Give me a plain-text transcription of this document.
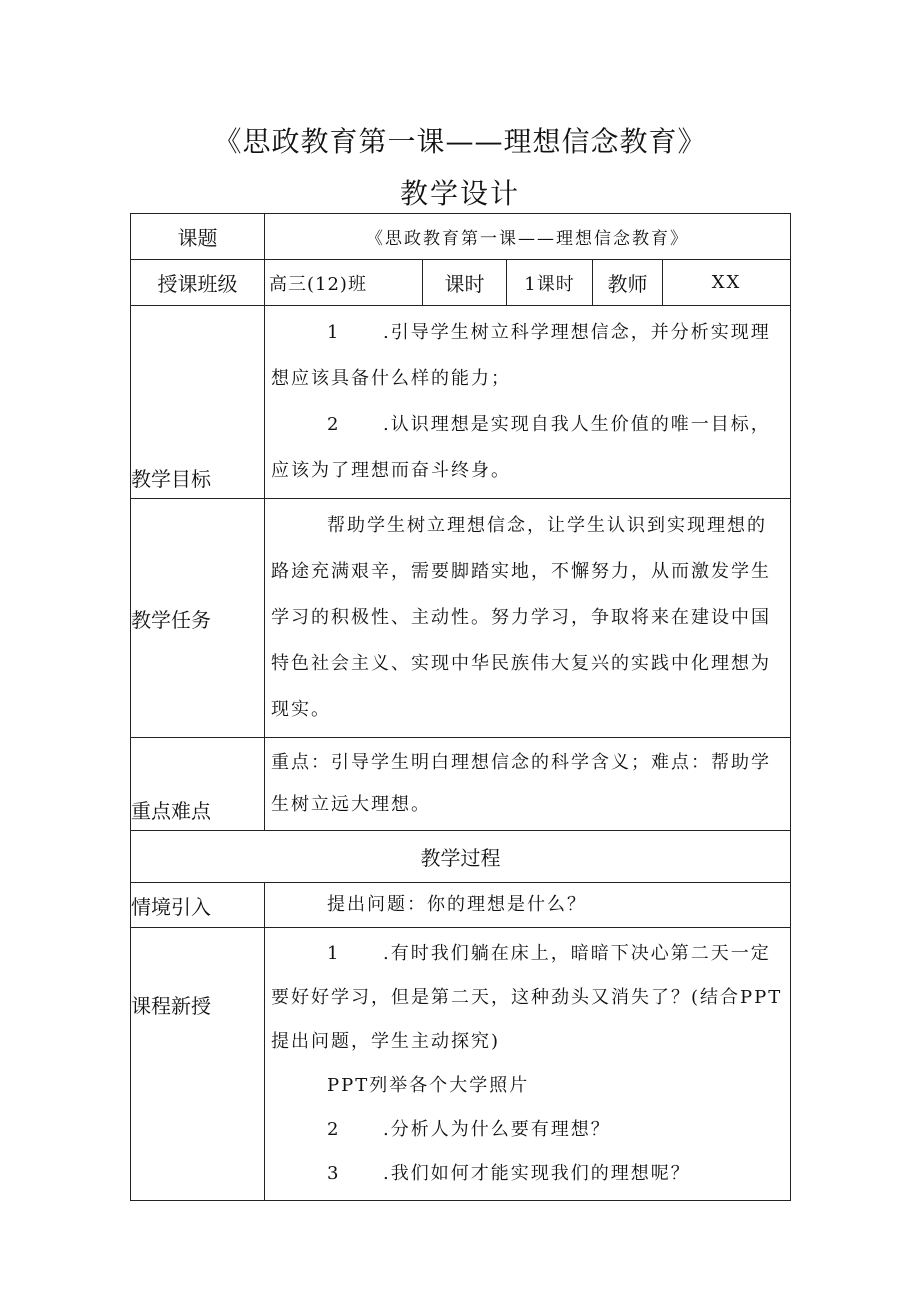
《思政教育第一课——理想信念教育》
教学设计
课题	《思政教育第一课——理想信念教育》				
授课班级	高三(12)班	课时	1课时	教师	XX
教学目标	1 .引导学生树立科学理想信念，并分析实现理想应该具备什么样的能力；

2 .认识理想是实现自我人生价值的唯一目标，应该为了理想而奋斗终身。				

教学任务	帮助学生树立理想信念，让学生认识到实现理想的路途充满艰辛，需要脚踏实地，不懈努力，从而激发学生学习的积极性、主动性。努力学习，争取将来在建设中国特色社会主义、实现中华民族伟大复兴的实践中化理想为现实。				

重点难点	重点：引导学生明白理想信念的科学含义；难点：帮助学生树立远大理想。				

教学过程					
情境引入	提出问题：你的理想是什么？				

课程新授	1 .有时我们躺在床上，暗暗下决心第二天一定要好好学习，但是第二天，这种劲头又消失了？(结合PPT提出问题，学生主动探究)

PPT列举各个大学照片

2 .分析人为什么要有理想？

3 .我们如何才能实现我们的理想呢？				
